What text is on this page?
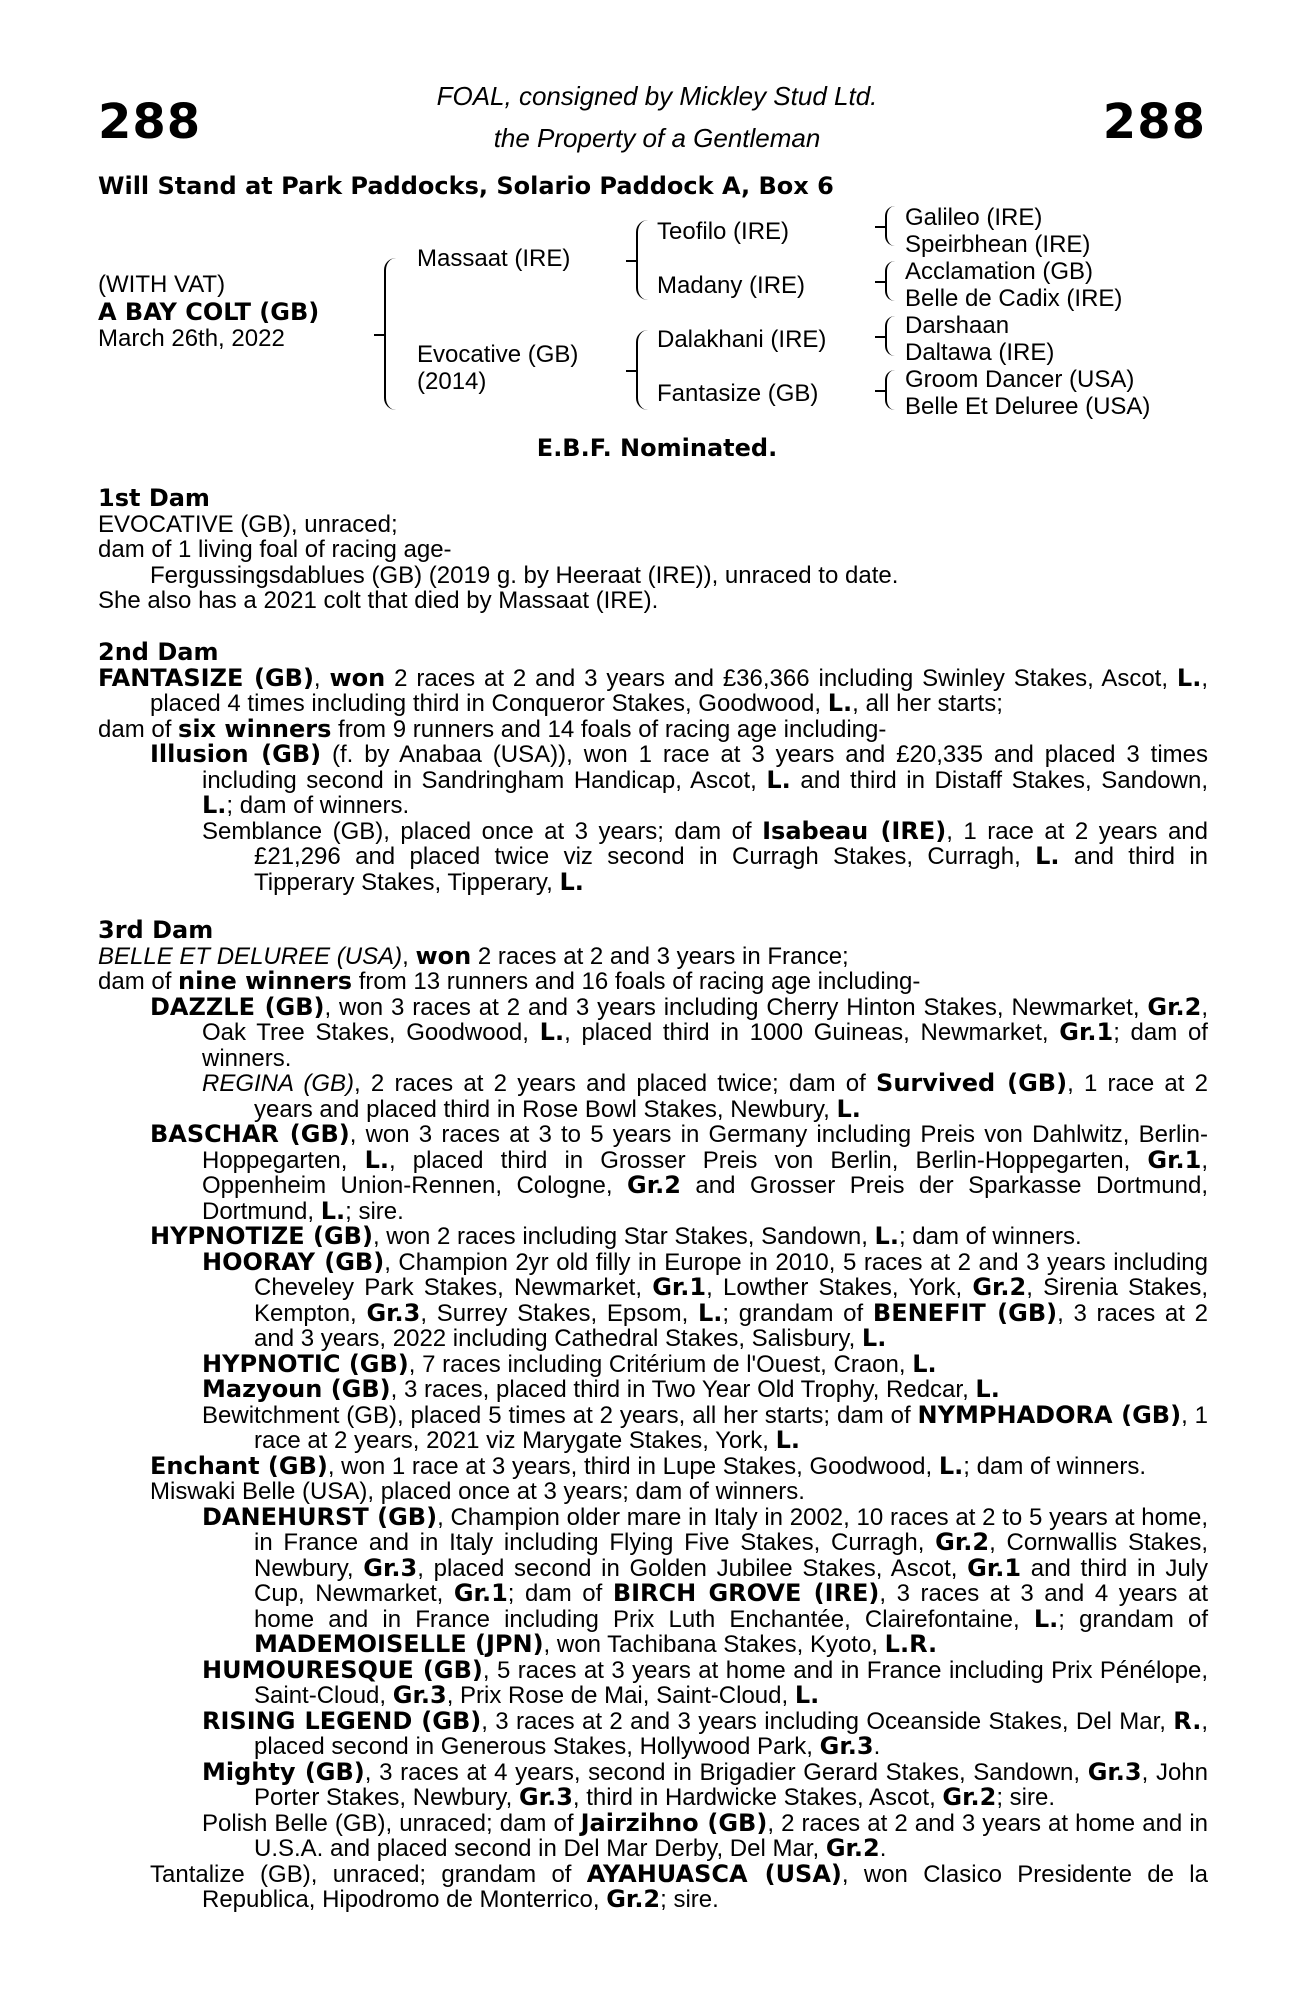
288	288
FOAL, consigned by Mickley Stud Ltd.
the Property of a Gentleman
Will Stand at Park Paddocks, Solario Paddock A, Box 6
(WITH VAT)
A BAY COLT (GB)
March 26th, 2022
Massaat (IRE)
Evocative (GB)
(2014)
Teofilo (IRE)
Madany (IRE)
Dalakhani (IRE)
Fantasize (GB)
Galileo (IRE)
Speirbhean (IRE)
Acclamation (GB)
Belle de Cadix (IRE)
Darshaan
Daltawa (IRE)
Groom Dancer (USA)
Belle Et Deluree (USA)
E.B.F. Nominated.
1st Dam
EVOCATIVE (GB), unraced;
dam of 1 living foal of racing age-
Fergussingsdablues (GB) (2019 g. by Heeraat (IRE)), unraced to date.
She also has a 2021 colt that died by Massaat (IRE).
2nd Dam

FANTASIZE (GB), won 2 races at 2 and 3 years and £36,366 including Swinley Stakes, Ascot, L., placed 4 times including third in Conqueror Stakes, Goodwood, L., all her starts;

dam of six winners from 9 runners and 14 foals of racing age including-

Illusion (GB) (f. by Anabaa (USA)), won 1 race at 3 years and £20,335 and placed 3 times including second in Sandringham Handicap, Ascot, L. and third in Distaff Stakes, Sandown, L.; dam of winners.

Semblance (GB), placed once at 3 years; dam of Isabeau (IRE), 1 race at 2 years and £21,296 and placed twice viz second in Curragh Stakes, Curragh, L. and third in Tipperary Stakes, Tipperary, L.

3rd Dam

BELLE ET DELUREE (USA), won 2 races at 2 and 3 years in France;

dam of nine winners from 13 runners and 16 foals of racing age including-

DAZZLE (GB), won 3 races at 2 and 3 years including Cherry Hinton Stakes, Newmarket, Gr.2, Oak Tree Stakes, Goodwood, L., placed third in 1000 Guineas, Newmarket, Gr.1; dam of winners.

REGINA (GB), 2 races at 2 years and placed twice; dam of Survived (GB), 1 race at 2 years and placed third in Rose Bowl Stakes, Newbury, L.

BASCHAR (GB), won 3 races at 3 to 5 years in Germany including Preis von Dahlwitz, Berlin-Hoppegarten, L., placed third in Grosser Preis von Berlin, Berlin-Hoppegarten, Gr.1, Oppenheim Union-Rennen, Cologne, Gr.2 and Grosser Preis der Sparkasse Dortmund, Dortmund, L.; sire.

HYPNOTIZE (GB), won 2 races including Star Stakes, Sandown, L.; dam of winners.

HOORAY (GB), Champion 2yr old filly in Europe in 2010, 5 races at 2 and 3 years including Cheveley Park Stakes, Newmarket, Gr.1, Lowther Stakes, York, Gr.2, Sirenia Stakes, Kempton, Gr.3, Surrey Stakes, Epsom, L.; grandam of BENEFIT (GB), 3 races at 2 and 3 years, 2022 including Cathedral Stakes, Salisbury, L.

HYPNOTIC (GB), 7 races including Critérium de l'Ouest, Craon, L.

Mazyoun (GB), 3 races, placed third in Two Year Old Trophy, Redcar, L.

Bewitchment (GB), placed 5 times at 2 years, all her starts; dam of NYMPHADORA (GB), 1 race at 2 years, 2021 viz Marygate Stakes, York, L.

Enchant (GB), won 1 race at 3 years, third in Lupe Stakes, Goodwood, L.; dam of winners.

Miswaki Belle (USA), placed once at 3 years; dam of winners.

DANEHURST (GB), Champion older mare in Italy in 2002, 10 races at 2 to 5 years at home, in France and in Italy including Flying Five Stakes, Curragh, Gr.2, Cornwallis Stakes, Newbury, Gr.3, placed second in Golden Jubilee Stakes, Ascot, Gr.1 and third in July Cup, Newmarket, Gr.1; dam of BIRCH GROVE (IRE), 3 races at 3 and 4 years at home and in France including Prix Luth Enchantée, Clairefontaine, L.; grandam of MADEMOISELLE (JPN), won Tachibana Stakes, Kyoto, L.R.

HUMOURESQUE (GB), 5 races at 3 years at home and in France including Prix Pénélope, Saint-Cloud, Gr.3, Prix Rose de Mai, Saint-Cloud, L.

RISING LEGEND (GB), 3 races at 2 and 3 years including Oceanside Stakes, Del Mar, R., placed second in Generous Stakes, Hollywood Park, Gr.3.

Mighty (GB), 3 races at 4 years, second in Brigadier Gerard Stakes, Sandown, Gr.3, John Porter Stakes, Newbury, Gr.3, third in Hardwicke Stakes, Ascot, Gr.2; sire.

Polish Belle (GB), unraced; dam of Jairzihno (GB), 2 races at 2 and 3 years at home and in U.S.A. and placed second in Del Mar Derby, Del Mar, Gr.2.

Tantalize (GB), unraced; grandam of AYAHUASCA (USA), won Clasico Presidente de la Republica, Hipodromo de Monterrico, Gr.2; sire.
